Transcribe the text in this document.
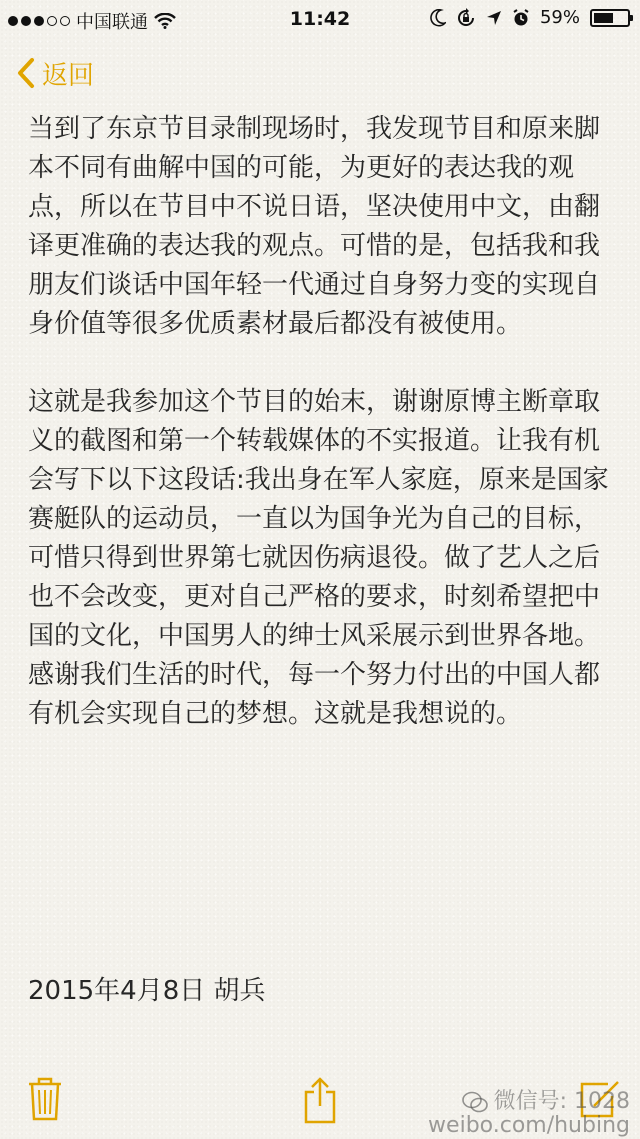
中国联通	11:42	59%
返回

当到了东京节目录制现场时，我发现节目和原来脚本不同有曲解中国的可能，为更好的表达我的观点，所以在节目中不说日语，坚决使用中文，由翻译更准确的表达我的观点。可惜的是，包括我和我朋友们谈话中国年轻一代通过自身努力变的实现自身价值等很多优质素材最后都没有被使用。

这就是我参加这个节目的始末，谢谢原博主断章取义的截图和第一个转载媒体的不实报道。让我有机会写下以下这段话:我出身在军人家庭，原来是国家赛艇队的运动员，一直以为国争光为自己的目标，可惜只得到世界第七就因伤病退役。做了艺人之后也不会改变，更对自己严格的要求，时刻希望把中国的文化，中国男人的绅士风采展示到世界各地。感谢我们生活的时代，每一个努力付出的中国人都有机会实现自己的梦想。这就是我想说的。

2015年4月8日 胡兵
微信号: 1028
weibo.com/hubing
